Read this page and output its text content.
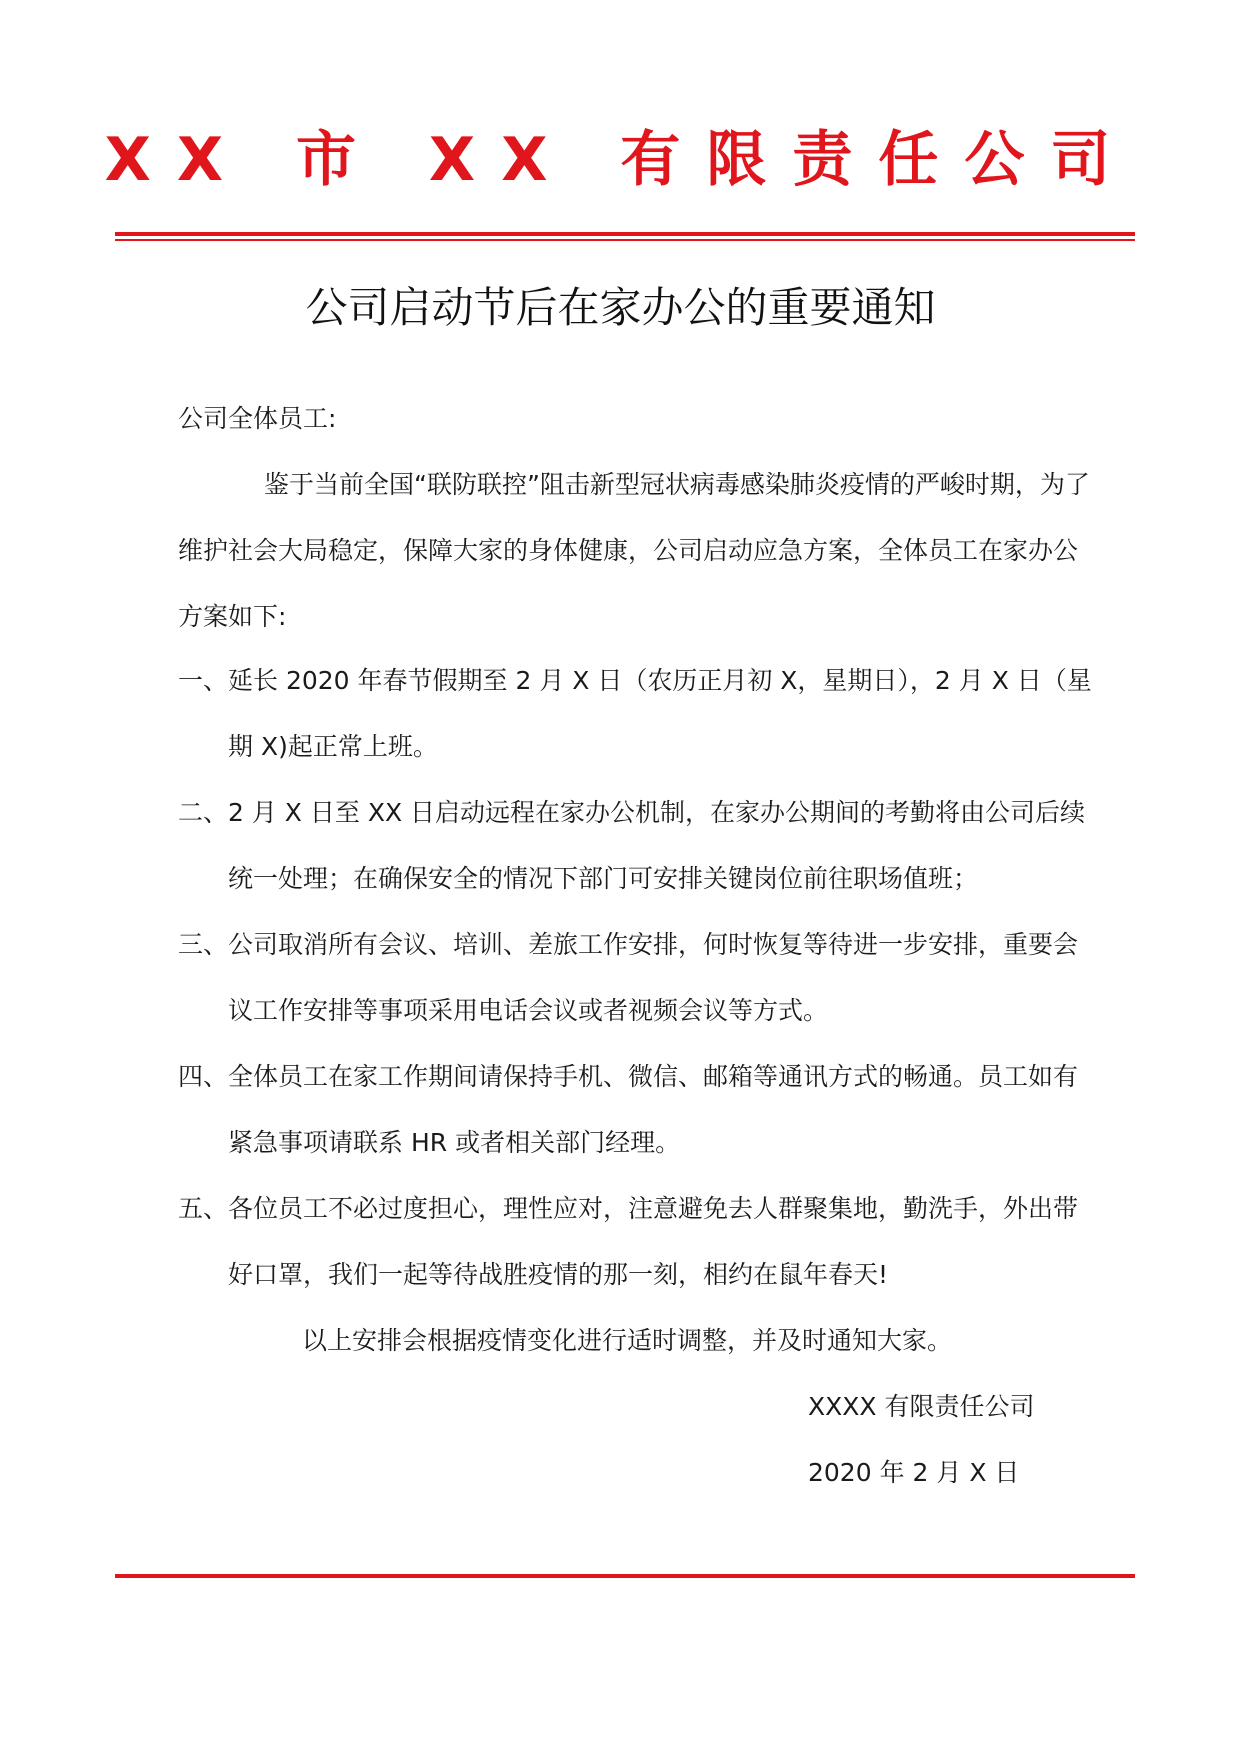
XX 市 XX 有限责任公司
公司启动节后在家办公的重要通知
公司全体员工:
鉴于当前全国“联防联控”阻击新型冠状病毒感染肺炎疫情的严峻时期，为了维护社会大局稳定，保障大家的身体健康，公司启动应急方案，全体员工在家办公方案如下:
一、延长 2020 年春节假期至 2 月 X 日（农历正月初 X，星期日），2 月 X 日（星期 X)起正常上班。
二、2 月 X 日至 XX 日启动远程在家办公机制，在家办公期间的考勤将由公司后续统一处理；在确保安全的情况下部门可安排关键岗位前往职场值班；
三、公司取消所有会议、培训、差旅工作安排，何时恢复等待进一步安排，重要会议工作安排等事项采用电话会议或者视频会议等方式。
四、全体员工在家工作期间请保持手机、微信、邮箱等通讯方式的畅通。员工如有紧急事项请联系 HR 或者相关部门经理。
五、各位员工不必过度担心，理性应对，注意避免去人群聚集地，勤洗手，外出带好口罩，我们一起等待战胜疫情的那一刻，相约在鼠年春天!
以上安排会根据疫情变化进行适时调整，并及时通知大家。
XXXX 有限责任公司
2020 年 2 月 X 日
